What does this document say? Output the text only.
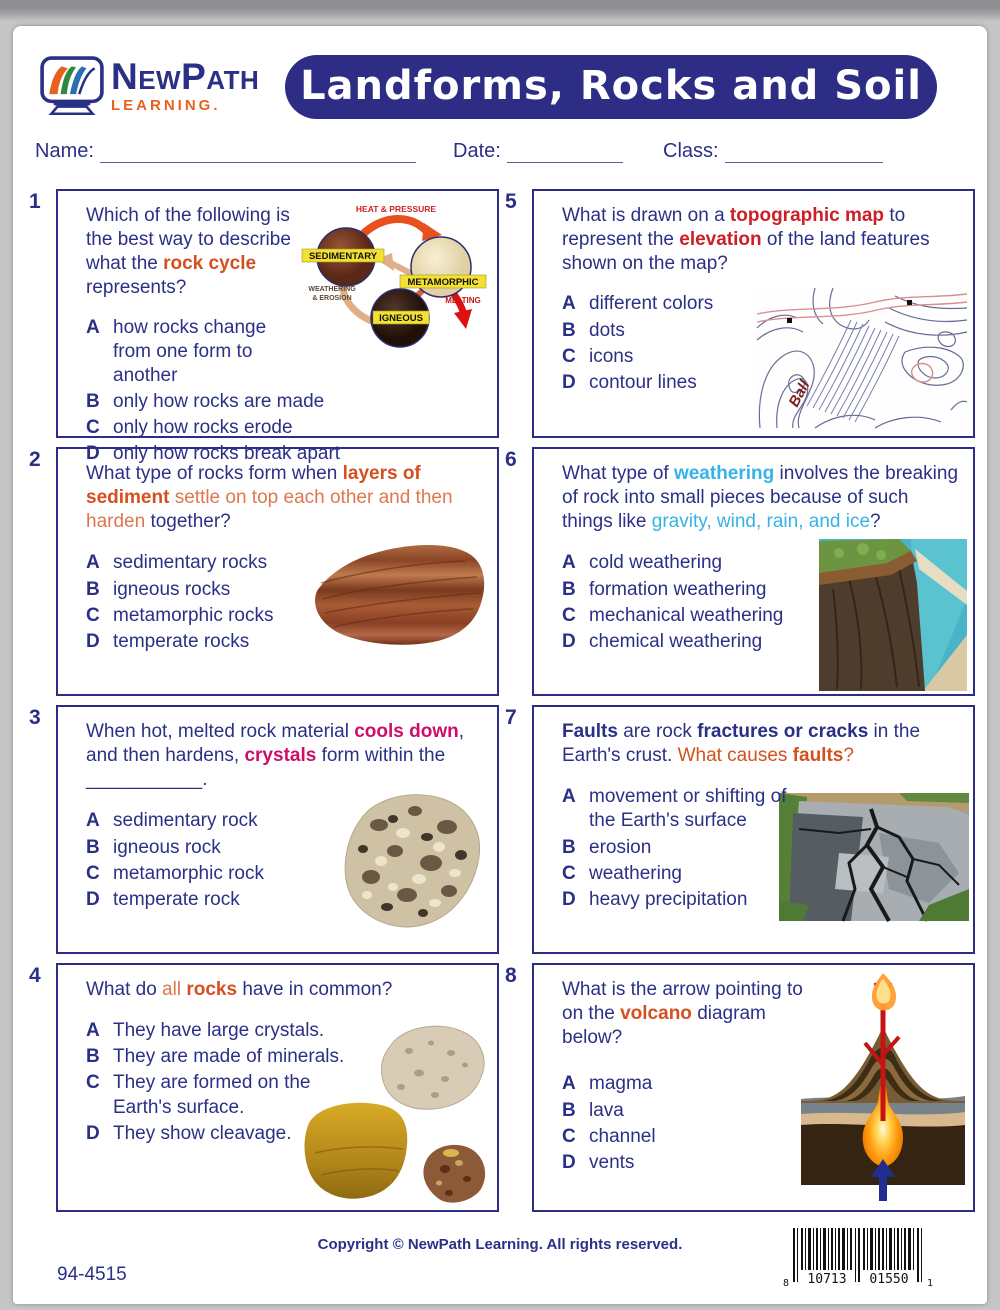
NewPath
LEARNING.	Landforms, Rocks and Soil
Name:	Date:	Class:
1
Which of the following is the best way to describe what the rock cycle represents?
A how rocks change from one form to another
B only how rocks are made
C only how rocks erode
D only how rocks break apart
HEAT & PRESSURE
SEDIMENTARY
METAMORPHIC
IGNEOUS
WEATHERING
& EROSION	MELTING
5
What is drawn on a topographic map to represent the elevation of the land features shown on the map?
A different colors
B dots
C icons
D contour lines	Ball
2
What type of rocks form when layers of sediment settle on top each other and then harden together?
A sedimentary rocks
B igneous rocks
C metamorphic rocks
D temperate rocks
6
What type of weathering involves the breaking of rock into small pieces because of such things like gravity, wind, rain, and ice?
A cold weathering
B formation weathering
C mechanical weathering
D chemical weathering
3
When hot, melted rock material cools down, and then hardens, crystals form within the ___________.
A sedimentary rock
B igneous rock
C metamorphic rock
D temperate rock
7
Faults are rock fractures or cracks in the Earth's crust. What causes faults?
A movement or shifting of the Earth's surface
B erosion
C weathering
D heavy precipitation
4
What do all rocks have in common?
A They have large crystals.
B They are made of minerals.
C They are formed on the Earth's surface.
D They show cleavage.
8
What is the arrow pointing to on the volcano diagram below?
A magma
B lava
C channel
D vents
Copyright © NewPath Learning. All rights reserved.
94-4515	8 10713 01550 1
